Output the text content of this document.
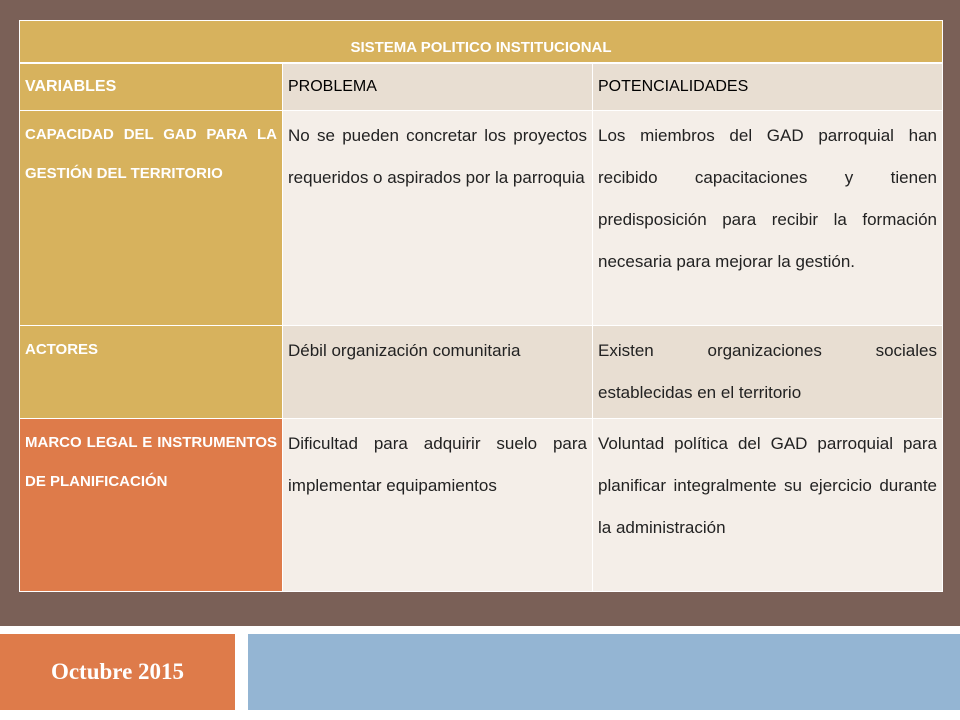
SISTEMA POLITICO INSTITUCIONAL		
VARIABLES	PROBLEMA	POTENCIALIDADES
CAPACIDAD DEL GAD PARA LA GESTIÓN DEL TERRITORIO	No se pueden concretar los proyectos requeridos o aspirados por la parroquia	Los miembros del GAD parroquial han recibido capacitaciones y tienen predisposición para recibir la formación necesaria para mejorar la gestión.
ACTORES	Débil organización comunitaria	Existen organizaciones sociales establecidas en el territorio
MARCO LEGAL E INSTRUMENTOS DE PLANIFICACIÓN	Dificultad para adquirir suelo para implementar equipamientos	Voluntad política del GAD parroquial para planificar integralmente su ejercicio durante la administración
Octubre 2015
